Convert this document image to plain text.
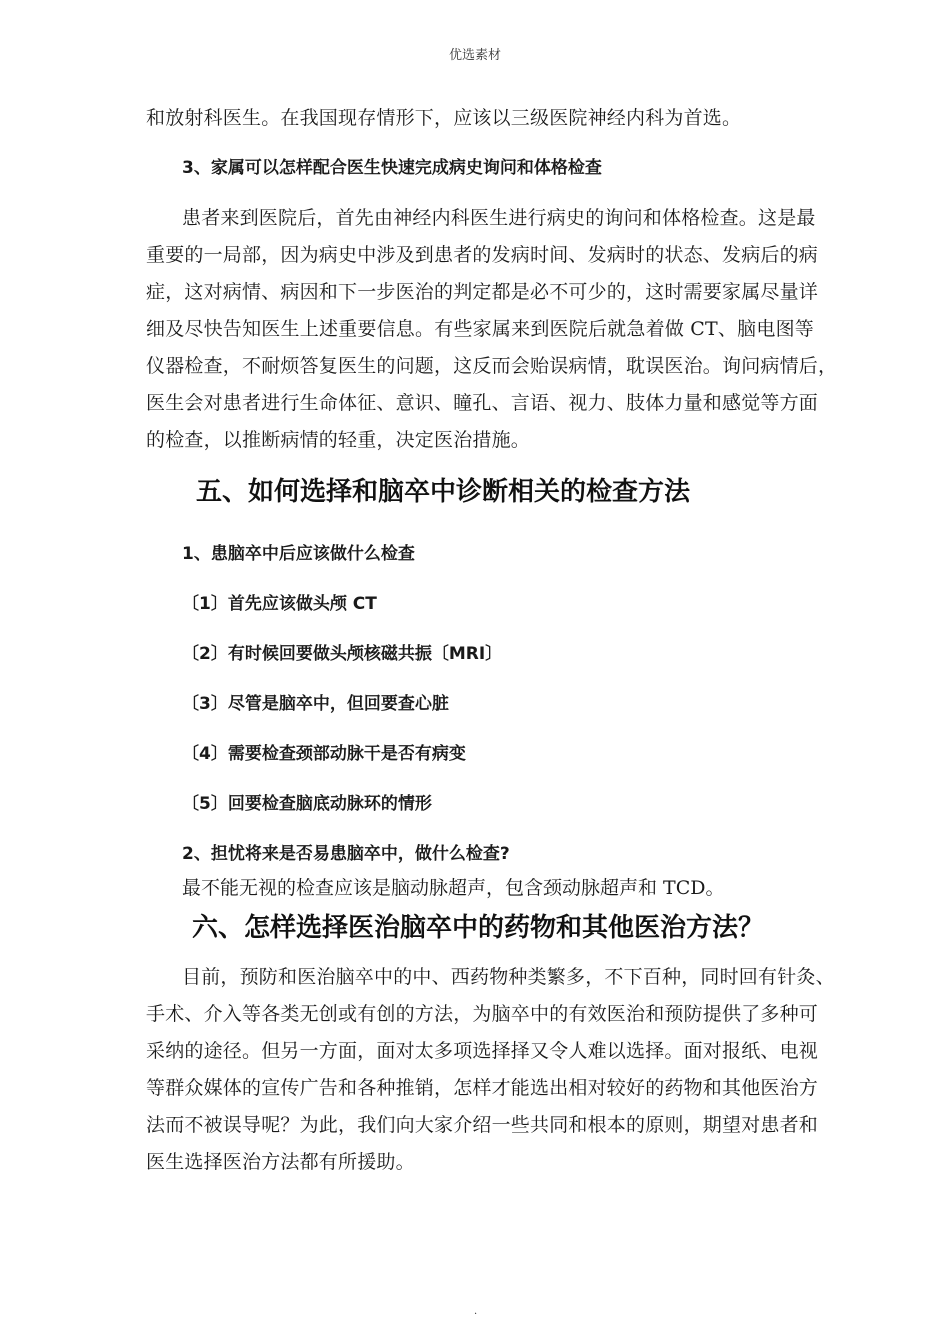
优选素材
和放射科医生。在我国现存情形下，应该以三级医院神经内科为首选。
3、家属可以怎样配合医生快速完成病史询问和体格检查
患者来到医院后，首先由神经内科医生进行病史的询问和体格检查。这是最
重要的一局部，因为病史中涉及到患者的发病时间、发病时的状态、发病后的病
症，这对病情、病因和下一步医治的判定都是必不可少的，这时需要家属尽量详
细及尽快告知医生上述重要信息。有些家属来到医院后就急着做 CT、脑电图等
仪器检查，不耐烦答复医生的问题，这反而会贻误病情，耽误医治。询问病情后，
医生会对患者进行生命体征、意识、瞳孔、言语、视力、肢体力量和感觉等方面
的检查，以推断病情的轻重，决定医治措施。
五、如何选择和脑卒中诊断相关的检查方法
1、患脑卒中后应该做什么检查
〔1〕首先应该做头颅 CT
〔2〕有时候回要做头颅核磁共振〔MRI〕
〔3〕尽管是脑卒中，但回要查心脏
〔4〕需要检查颈部动脉干是否有病变
〔5〕回要检查脑底动脉环的情形
2、担忧将来是否易患脑卒中，做什么检查?
最不能无视的检查应该是脑动脉超声，包含颈动脉超声和 TCD。
六、怎样选择医治脑卒中的药物和其他医治方法？
目前，预防和医治脑卒中的中、西药物种类繁多，不下百种，同时回有针灸、
手术、介入等各类无创或有创的方法，为脑卒中的有效医治和预防提供了多种可
采纳的途径。但另一方面，面对太多项选择择又令人难以选择。面对报纸、电视
等群众媒体的宣传广告和各种推销，怎样才能选出相对较好的药物和其他医治方
法而不被误导呢？为此，我们向大家介绍一些共同和根本的原则，期望对患者和
医生选择医治方法都有所援助。
.
